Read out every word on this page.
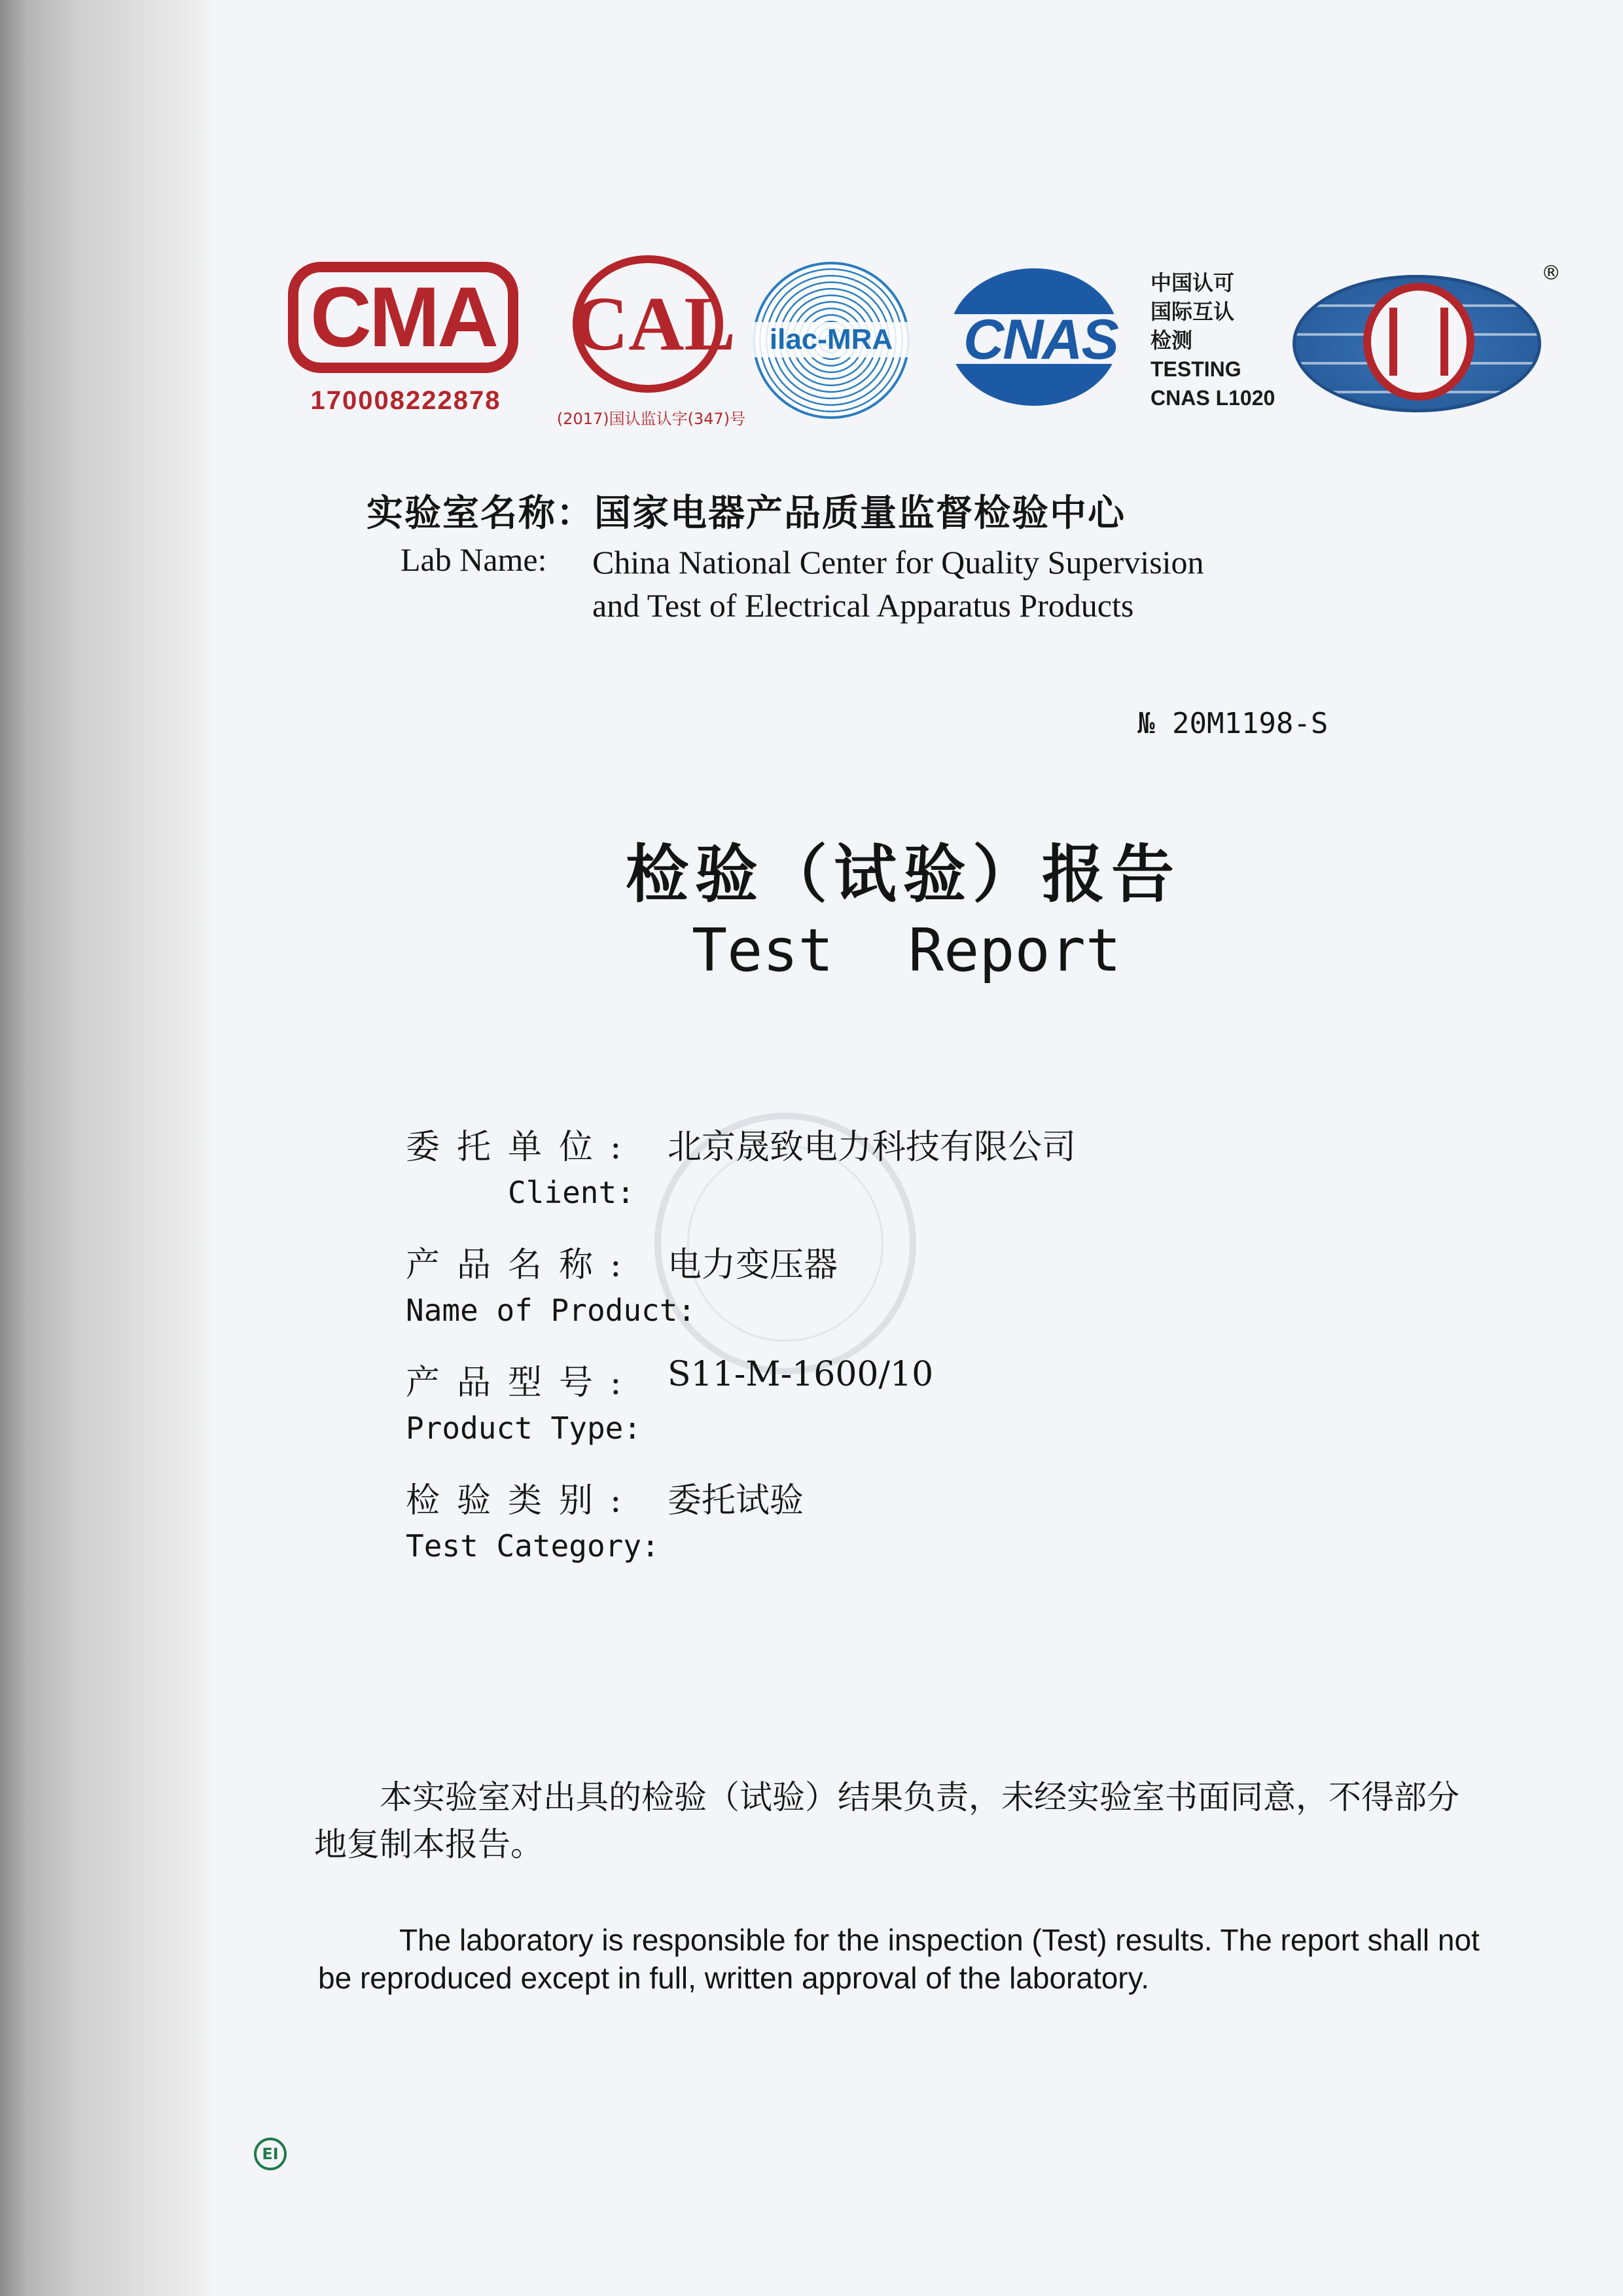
CMA
170008222878
CAL
(2017)国认监认字(347)号
ilac-MRA	CNAS
中国认可
国际互认
检测
TESTING
CNAS L1020
®
实验室名称：国家电器产品质量监督检验中心
Lab Name: China National Center for Quality Supervision
and Test of Electrical Apparatus Products
№ 20M1198-S
检验（试验）报告
Test Report
委托单位: 北京晟致电力科技有限公司
Client:
产品名称: 电力变压器
Name of Product:
产品型号: S11-M-1600/10
Product Type:
检验类别: 委托试验
Test Category:
本实验室对出具的检验（试验）结果负责，未经实验室书面同意，不得部分地复制本报告。
The laboratory is responsible for the inspection (Test) results. The report shall not be reproduced except in full, written approval of the laboratory.
EI
